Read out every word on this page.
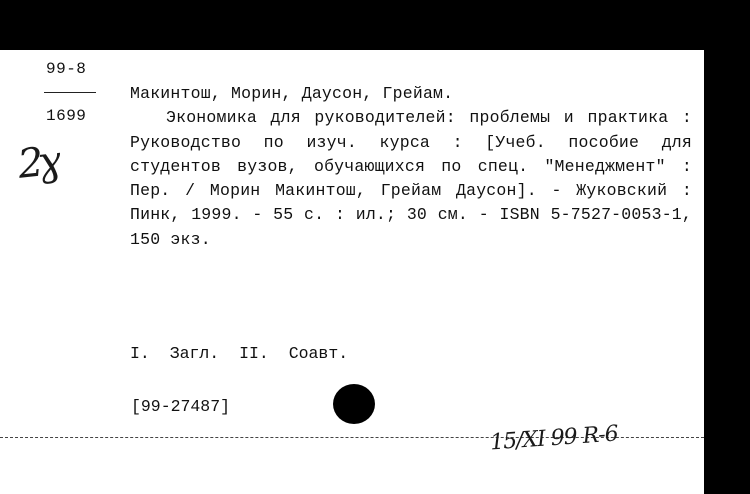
99-8
1699
2ɣ

Макинтош, Морин, Даусон, Грейам.

Экономика для руководителей: проблемы и практика : Руководство по изуч. курса : [Учеб. пособие для студентов вузов, обучающихся по спец. "Менеджмент" : Пер. / Морин Макинтош, Грейам Даусон]. - Жуковский : Пинк, 1999. - 55 с. : ил.; 30 см. - ISBN 5-7527-0053-1, 150 экз.

I. Загл. II. Соавт.
[99-27487]
15/XI 99 R-6
